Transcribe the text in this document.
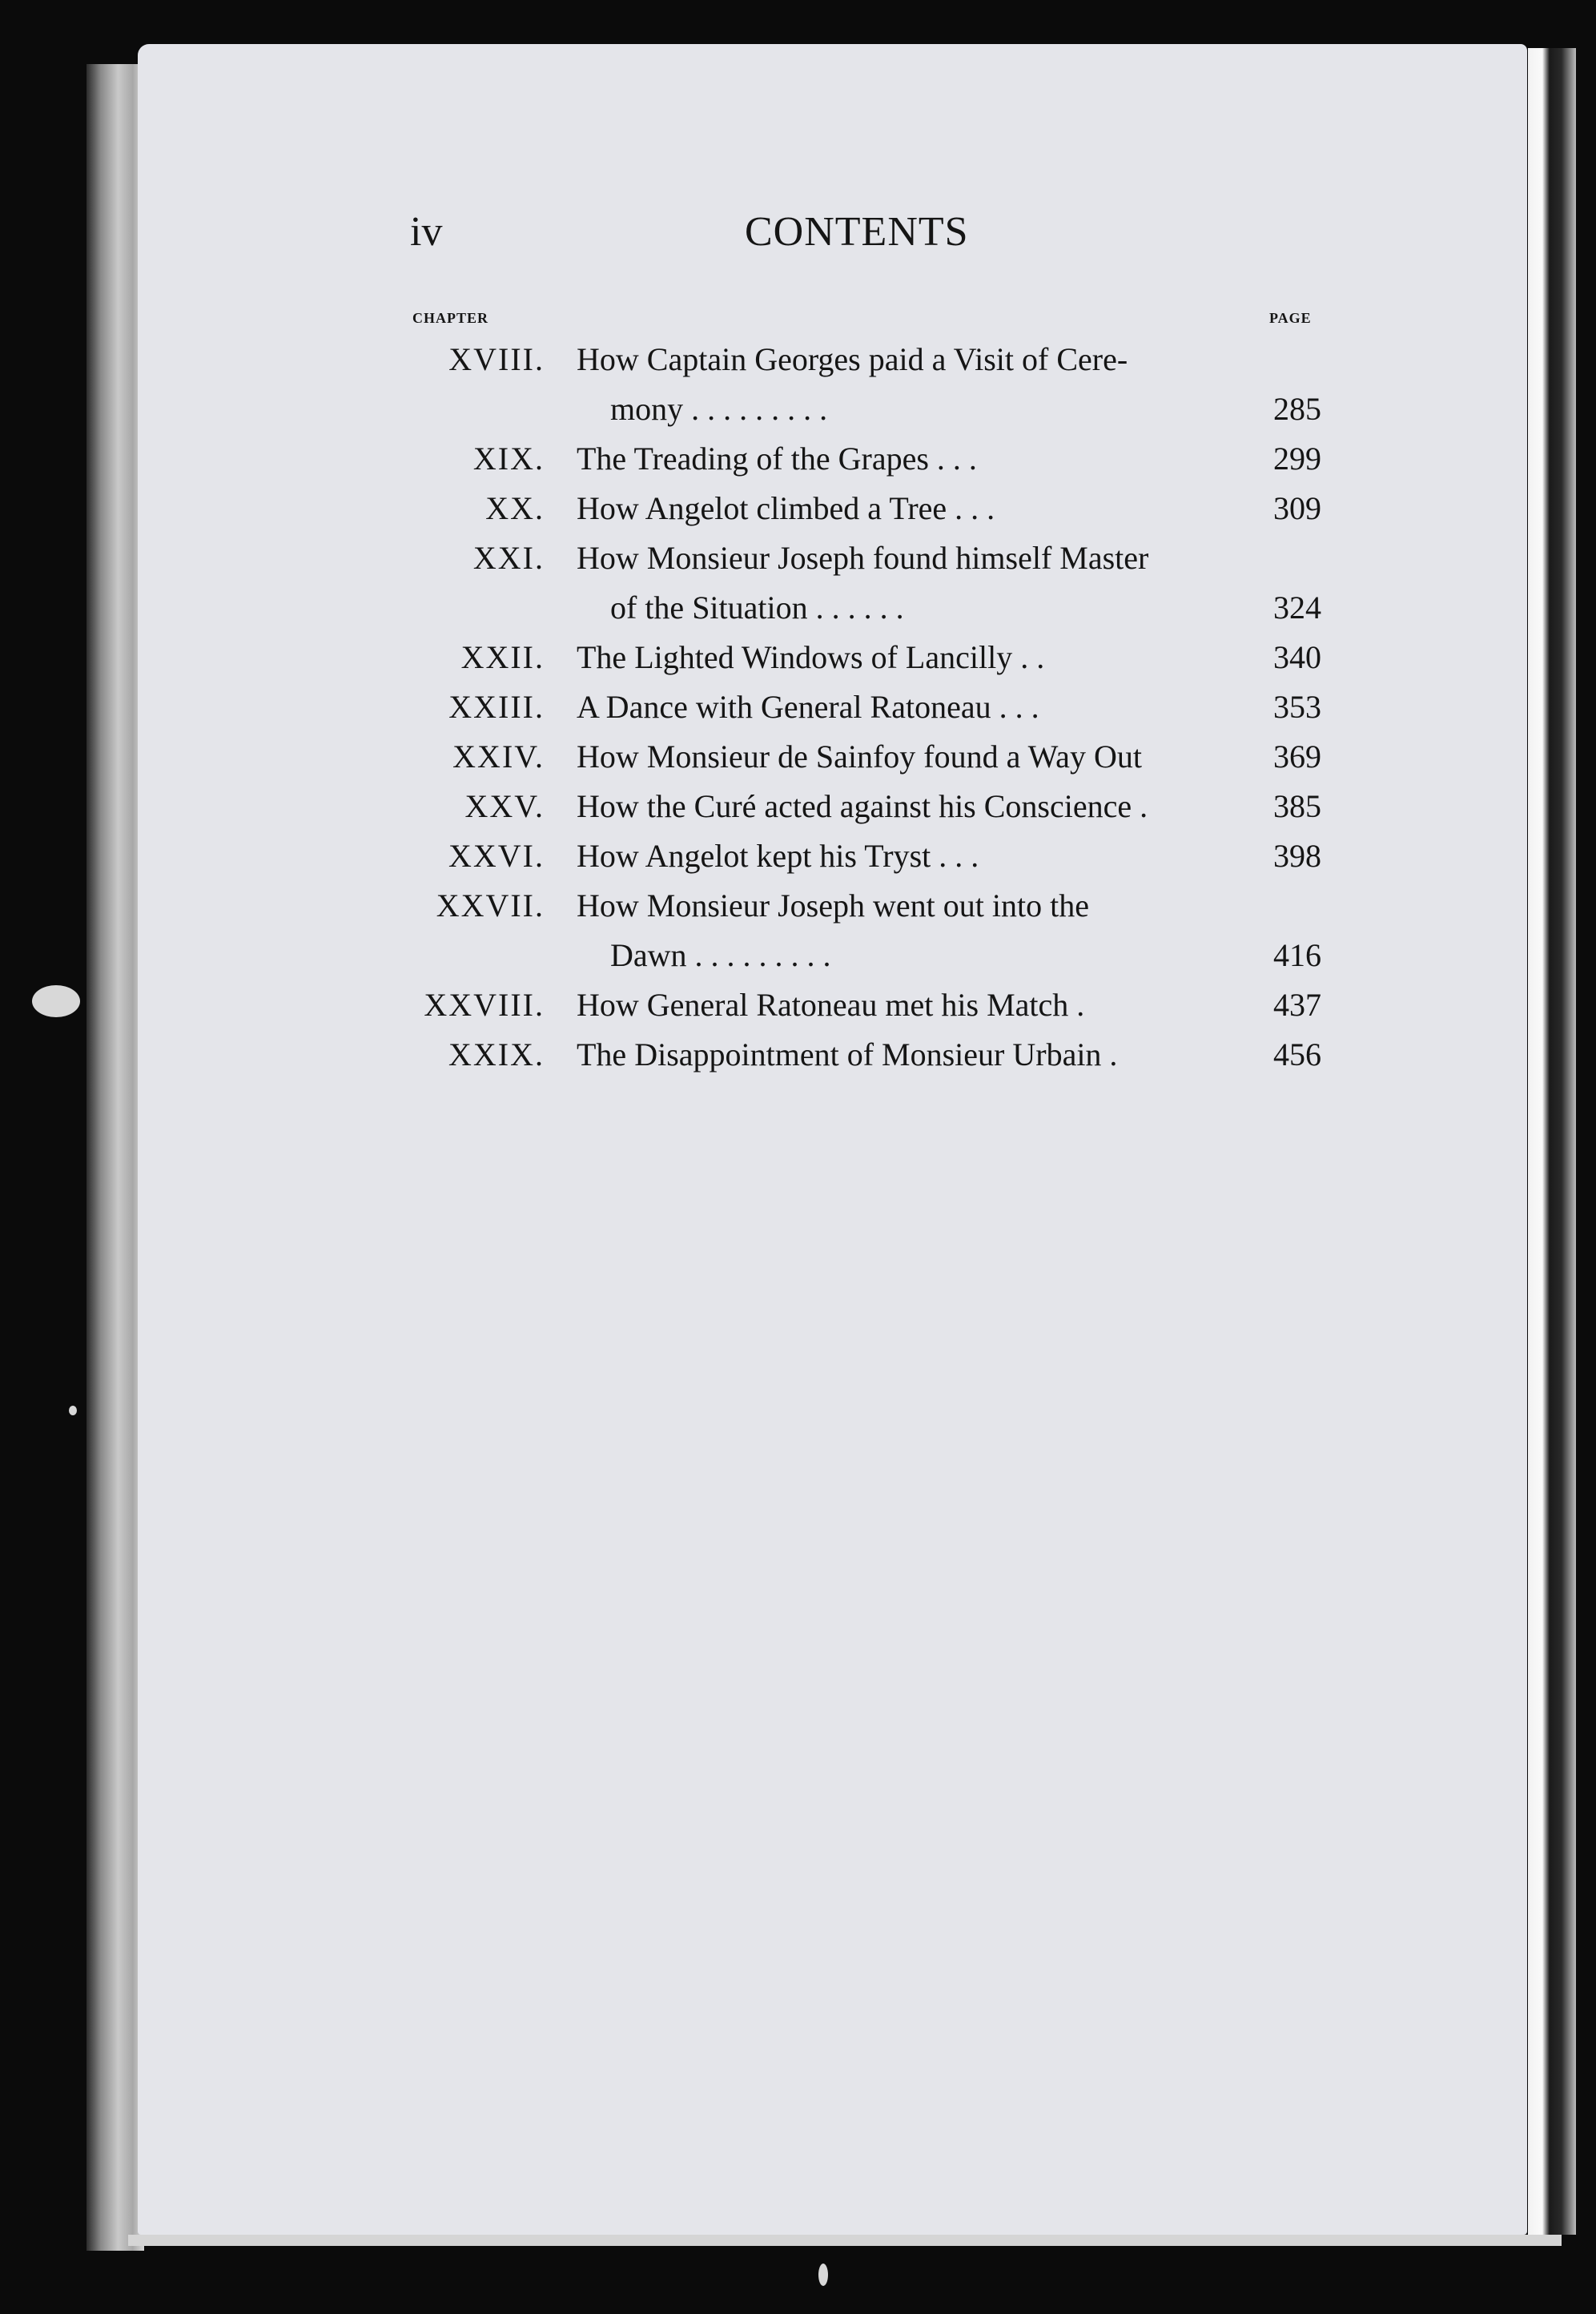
iv	CONTENTS
CHAPTER	PAGE
XVIII. How Captain Georges paid a Visit of Cere-
mony . . . . . . . . .	285
XIX. The Treading of the Grapes . . .	299
XX. How Angelot climbed a Tree . . .	309
XXI. How Monsieur Joseph found himself Master
of the Situation . . . . . .	324
XXII. The Lighted Windows of Lancilly . .	340
XXIII. A Dance with General Ratoneau . . .	353
XXIV. How Monsieur de Sainfoy found a Way Out	369
XXV. How the Curé acted against his Conscience .	385
XXVI. How Angelot kept his Tryst . . .	398
XXVII. How Monsieur Joseph went out into the
Dawn . . . . . . . . .	416
XXVIII. How General Ratoneau met his Match .	437
XXIX. The Disappointment of Monsieur Urbain .	456
